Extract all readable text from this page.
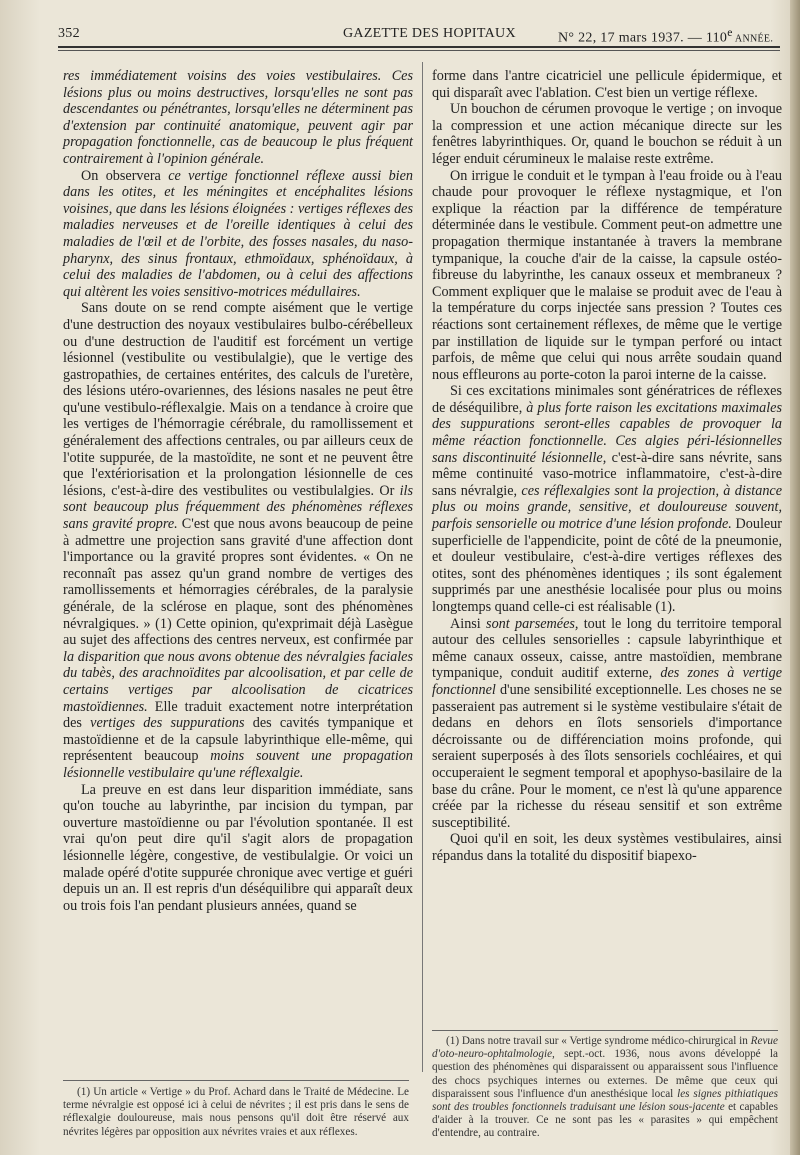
352	GAZETTE DES HOPITAUX	N° 22, 17 mars 1937. — 110e ANNÉE.

res immédiatement voisins des voies vestibulaires. Ces lésions plus ou moins destructives, lorsqu'elles ne sont pas descendantes ou pénétrantes, lorsqu'elles ne déterminent pas d'extension par continuité anatomique, peuvent agir par propagation fonctionnelle, cas de beaucoup le plus fréquent contrairement à l'opinion générale.

On observera ce vertige fonctionnel réflexe aussi bien dans les otites, et les méningites et encéphalites lésions voisines, que dans les lésions éloignées : vertiges réflexes des maladies nerveuses et de l'oreille identiques à celui des maladies de l'œil et de l'orbite, des fosses nasales, du naso-pharynx, des sinus frontaux, ethmoïdaux, sphénoïdaux, à celui des maladies de l'abdomen, ou à celui des affections qui altèrent les voies sensitivo-motrices médullaires.

Sans doute on se rend compte aisément que le vertige d'une destruction des noyaux vestibulaires bulbo-cérébelleux ou d'une destruction de l'auditif est forcément un vertige lésionnel (vestibulite ou vestibulalgie), que le vertige des gastropathies, de certaines entérites, des calculs de l'uretère, des lésions utéro-ovariennes, des lésions nasales ne peut être qu'une vestibulo-réflexalgie. Mais on a tendance à croire que les vertiges de l'hémorragie cérébrale, du ramollissement et généralement des affections centrales, ou par ailleurs ceux de l'otite suppurée, de la mastoïdite, ne sont et ne peuvent être que l'extériorisation et la prolongation lésionnelle de ces lésions, c'est-à-dire des vestibulites ou vestibulalgies. Or ils sont beaucoup plus fréquemment des phénomènes réflexes sans gravité propre. C'est que nous avons beaucoup de peine à admettre une projection sans gravité d'une affection dont l'importance ou la gravité propres sont évidentes. « On ne reconnaît pas assez qu'un grand nombre de vertiges des ramollissements et hémorragies cérébrales, de la paralysie générale, de la sclérose en plaque, sont des phénomènes névralgiques. » (1) Cette opinion, qu'exprimait déjà Lasègue au sujet des affections des centres nerveux, est confirmée par la disparition que nous avons obtenue des névralgies faciales du tabès, des arachnoïdites par alcoolisation, et par celle de certains vertiges par alcoolisation de cicatrices mastoïdiennes. Elle traduit exactement notre interprétation des vertiges des suppurations des cavités tympanique et mastoïdienne et de la capsule labyrinthique elle-même, qui représentent beaucoup moins souvent une propagation lésionnelle vestibulaire qu'une réflexalgie.

La preuve en est dans leur disparition immédiate, sans qu'on touche au labyrinthe, par incision du tympan, par ouverture mastoïdienne ou par l'évolution spontanée. Il est vrai qu'on peut dire qu'il s'agit alors de propagation lésionnelle légère, congestive, de vestibulalgie. Or voici un malade opéré d'otite suppurée chronique avec vertige et guéri depuis un an. Il est repris d'un déséquilibre qui apparaît deux ou trois fois l'an pendant plusieurs années, quand se

(1) Un article « Vertige » du Prof. Achard dans le Traité de Médecine. Le terme névralgie est opposé ici à celui de névrites ; il est pris dans le sens de réflexalgie douloureuse, mais nous pensons qu'il doit être réservé aux névrites légères par opposition aux névrites vraies et aux réflexes.

forme dans l'antre cicatriciel une pellicule épidermique, et qui disparaît avec l'ablation. C'est bien un vertige réflexe.

Un bouchon de cérumen provoque le vertige ; on invoque la compression et une action mécanique directe sur les fenêtres labyrinthiques. Or, quand le bouchon se réduit à un léger enduit cérumineux le malaise reste extrême.

On irrigue le conduit et le tympan à l'eau froide ou à l'eau chaude pour provoquer le réflexe nystagmique, et l'on explique la réaction par la différence de température déterminée dans le vestibule. Comment peut-on admettre une propagation thermique instantanée à travers la membrane tympanique, la couche d'air de la caisse, la capsule ostéo-fibreuse du labyrinthe, les canaux osseux et membraneux ? Comment expliquer que le malaise se produit avec de l'eau à la température du corps injectée sans pression ? Toutes ces réactions sont certainement réflexes, de même que le vertige par instillation de liquide sur le tympan perforé ou intact parfois, de même que celui qui nous arrête soudain quand nous effleurons au porte-coton la paroi interne de la caisse.

Si ces excitations minimales sont génératrices de réflexes de déséquilibre, à plus forte raison les excitations maximales des suppurations seront-elles capables de provoquer la même réaction fonctionnelle. Ces algies péri-lésionnelles sans discontinuité lésionnelle, c'est-à-dire sans névrite, sans même continuité vaso-motrice inflammatoire, c'est-à-dire sans névralgie, ces réflexalgies sont la projection, à distance plus ou moins grande, sensitive, et douloureuse souvent, parfois sensorielle ou motrice d'une lésion profonde. Douleur superficielle de l'appendicite, point de côté de la pneumonie, et douleur vestibulaire, c'est-à-dire vertiges réflexes des otites, sont des phénomènes identiques ; ils sont également supprimés par une anesthésie localisée pour plus ou moins longtemps quand celle-ci est réalisable (1).

Ainsi sont parsemées, tout le long du territoire temporal autour des cellules sensorielles : capsule labyrinthique et même canaux osseux, caisse, antre mastoïdien, membrane tympanique, conduit auditif externe, des zones à vertige fonctionnel d'une sensibilité exceptionnelle. Les choses ne se passeraient pas autrement si le système vestibulaire s'était de dedans en dehors en îlots sensoriels d'importance décroissante ou de différenciation moins profonde, qui seraient superposés à des îlots sensoriels cochléaires, et qui occuperaient le segment temporal et apophyso-basilaire de la base du crâne. Pour le moment, ce n'est là qu'une apparence créée par la richesse du réseau sensitif et son extrême susceptibilité.

Quoi qu'il en soit, les deux systèmes vestibulaires, ainsi répandus dans la totalité du dispositif biapexo-

(1) Dans notre travail sur « Vertige syndrome médico-chirurgical in Revue d'oto-neuro-ophtalmologie, sept.-oct. 1936, nous avons développé la question des phénomènes qui disparaissent ou apparaissent sous l'influence des chocs psychiques internes ou externes. De même que ceux qui disparaissent sous l'influence d'un anesthésique local les signes pithiatiques sont des troubles fonctionnels traduisant une lésion sous-jacente et capables d'aider à la trouver. Ce ne sont pas les « parasites » qui empêchent d'entendre, au contraire.
